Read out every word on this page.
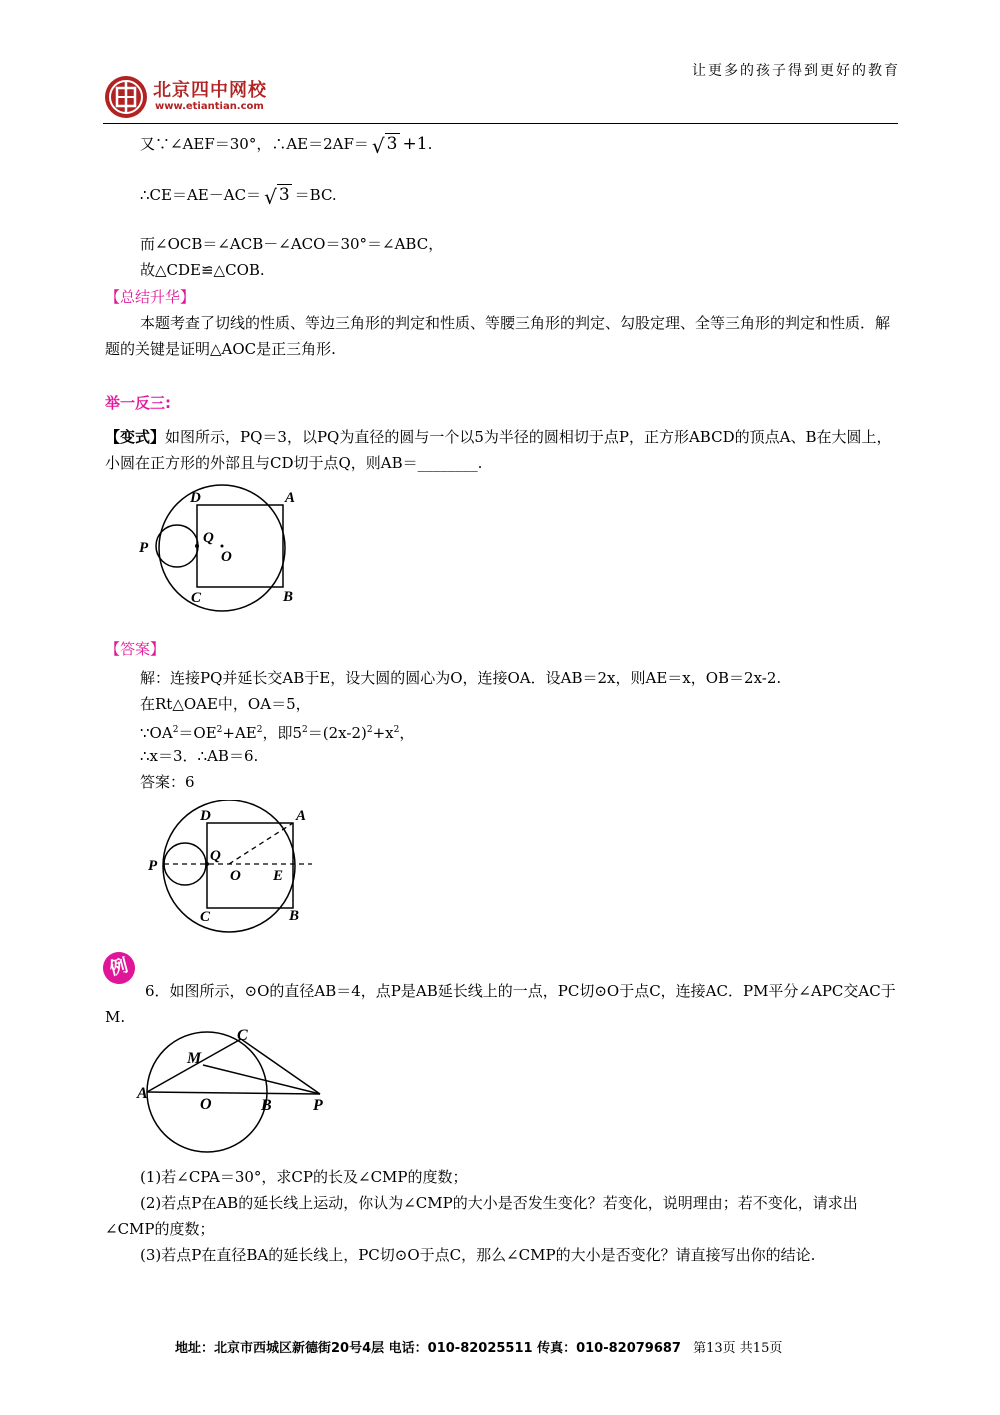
北京四中网校
www.etiantian.com
让更多的孩子得到更好的教育
又∵∠AEF＝30°，∴AE＝2AF＝ √ 3 +1.
∴CE＝AE－AC＝ √ 3 ＝BC.
而∠OCB＝∠ACB－∠ACO＝30°＝∠ABC，
故△CDE≌△COB.
【总结升华】
本题考查了切线的性质、等边三角形的判定和性质、等腰三角形的判定、勾股定理、全等三角形的判定和性质．解题的关键是证明△AOC是正三角形.
举一反三:
【变式】如图所示，PQ＝3，以PQ为直径的圆与一个以5为半径的圆相切于点P，正方形ABCD的顶点A、B在大圆上，小圆在正方形的外部且与CD切于点Q，则AB＝________.
D	A
P
Q
O
C	B
【答案】
解：连接PQ并延长交AB于E，设大圆的圆心为O，连接OA．设AB＝2x，则AE＝x，OB＝2x-2.
在Rt△OAE中，OA＝5，
$\because OA^2=OE^2+AE^2$，即$5^2=(2x-2)^2+x^2$，
∴x＝3．∴AB＝6.
答案：6
D	A
P
Q
O E
C	B
例
6．如图所示，⊙O的直径AB＝4，点P是AB延长线上的一点，PC切⊙O于点C，连接AC．PM平分∠APC交AC于M.
C
M
A
O	B	P
(1)若∠CPA＝30°，求CP的长及∠CMP的度数；
(2)若点P在AB的延长线上运动，你认为∠CMP的大小是否发生变化？若变化，说明理由；若不变化，请求出∠CMP的度数；
(3)若点P在直径BA的延长线上，PC切⊙O于点C，那么∠CMP的大小是否变化？请直接写出你的结论.
地址：北京市西城区新德街20号4层 电话：010-82025511 传真：010-82079687 第13页 共15页
